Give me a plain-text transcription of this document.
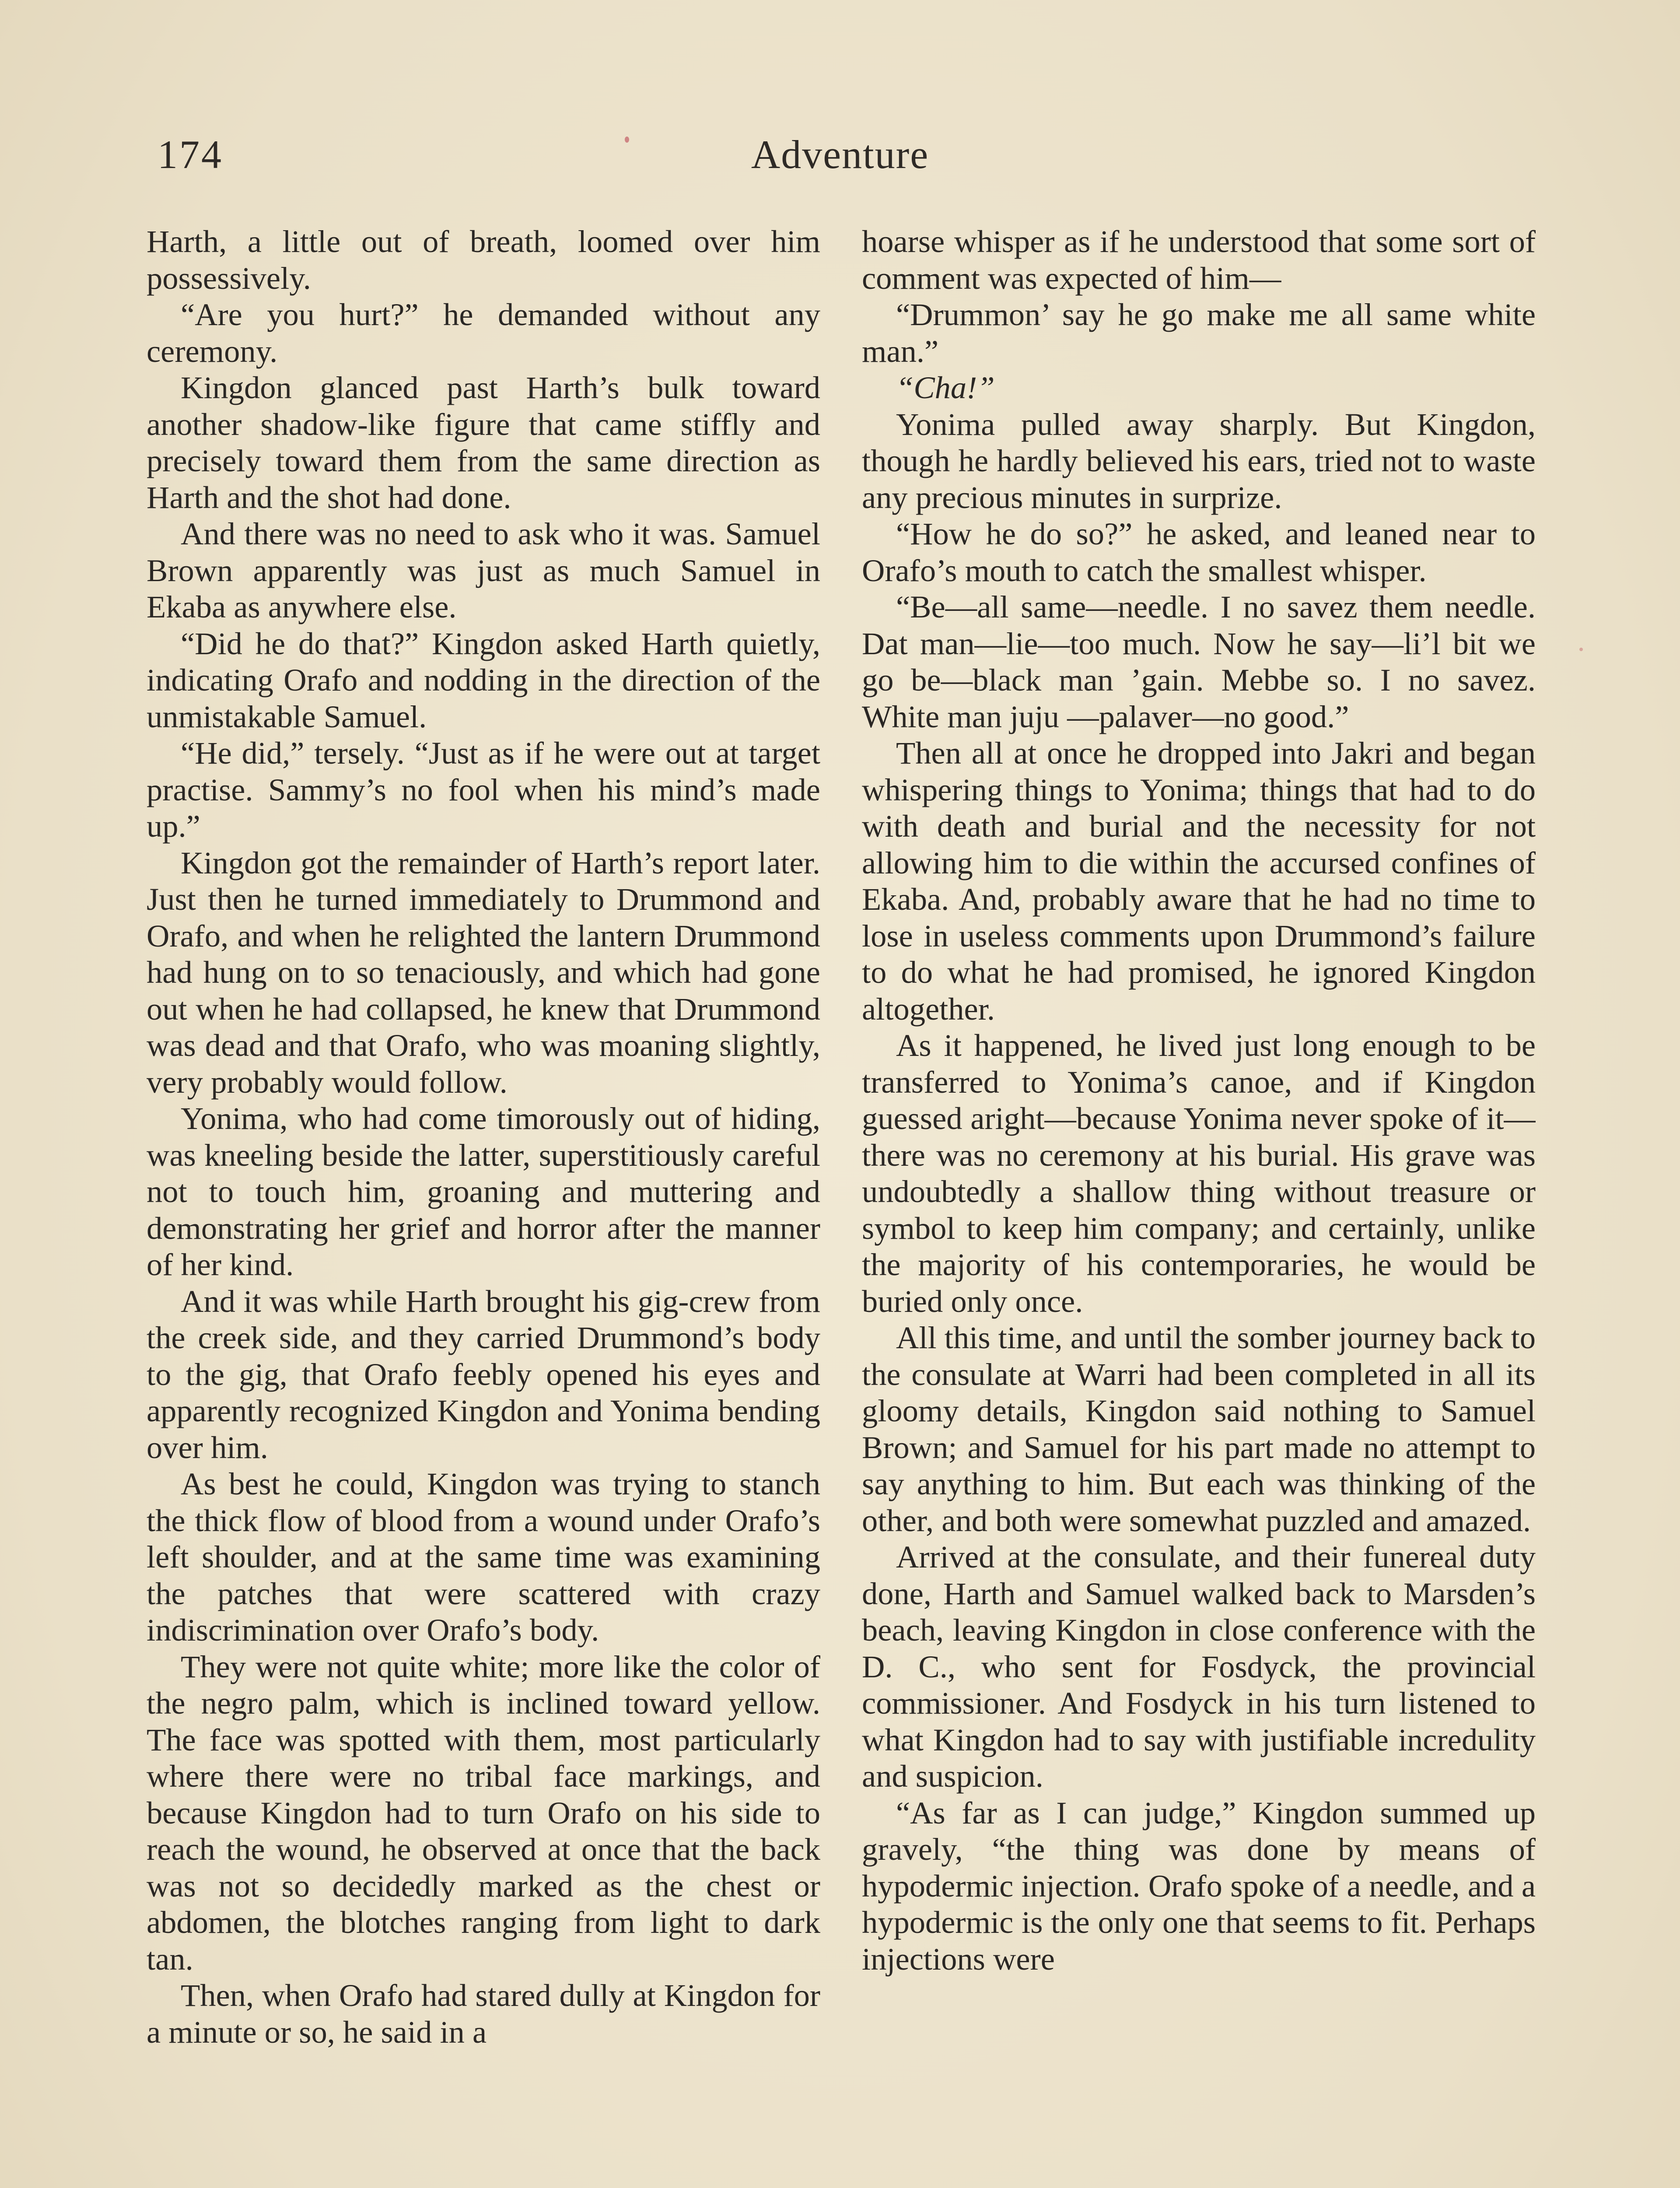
174	Adventure

Harth, a little out of breath, loomed over him possessively.

“Are you hurt?” he demanded without any ceremony.

Kingdon glanced past Harth’s bulk toward another shadow-like figure that came stiffly and precisely toward them from the same direction as Harth and the shot had done.

And there was no need to ask who it was. Samuel Brown apparently was just as much Samuel in Ekaba as anywhere else.

“Did he do that?” Kingdon asked Harth quietly, indicating Orafo and nodding in the direction of the unmistakable Samuel.

“He did,” tersely. “Just as if he were out at target practise. Sammy’s no fool when his mind’s made up.”

Kingdon got the remainder of Harth’s report later. Just then he turned immediately to Drummond and Orafo, and when he relighted the lantern Drummond had hung on to so tenaciously, and which had gone out when he had collapsed, he knew that Drummond was dead and that Orafo, who was moaning slightly, very probably would follow.

Yonima, who had come timorously out of hiding, was kneeling beside the latter, superstitiously careful not to touch him, groaning and muttering and demonstrating her grief and horror after the manner of her kind.

And it was while Harth brought his gig-crew from the creek side, and they carried Drummond’s body to the gig, that Orafo feebly opened his eyes and apparently recognized Kingdon and Yonima bending over him.

As best he could, Kingdon was trying to stanch the thick flow of blood from a wound under Orafo’s left shoulder, and at the same time was examining the patches that were scattered with crazy indiscrimination over Orafo’s body.

They were not quite white; more like the color of the negro palm, which is inclined toward yellow. The face was spotted with them, most particularly where there were no tribal face markings, and because Kingdon had to turn Orafo on his side to reach the wound, he observed at once that the back was not so decidedly marked as the chest or abdomen, the blotches ranging from light to dark tan.

Then, when Orafo had stared dully at Kingdon for a minute or so, he said in a

hoarse whisper as if he understood that some sort of comment was expected of him—

“Drummon’ say he go make me all same white man.”

“Cha!”

Yonima pulled away sharply. But Kingdon, though he hardly believed his ears, tried not to waste any precious minutes in surprize.

“How he do so?” he asked, and leaned near to Orafo’s mouth to catch the smallest whisper.

“Be—all same—needle. I no savez them needle. Dat man—lie—too much. Now he say—li’l bit we go be—black man ’gain. Mebbe so. I no savez. White man juju —palaver—no good.”

Then all at once he dropped into Jakri and began whispering things to Yonima; things that had to do with death and burial and the necessity for not allowing him to die within the accursed confines of Ekaba. And, probably aware that he had no time to lose in useless comments upon Drummond’s failure to do what he had promised, he ignored Kingdon altogether.

As it happened, he lived just long enough to be transferred to Yonima’s canoe, and if Kingdon guessed aright—because Yonima never spoke of it—there was no ceremony at his burial. His grave was undoubtedly a shallow thing without treasure or symbol to keep him company; and certainly, unlike the majority of his contemporaries, he would be buried only once.

All this time, and until the somber journey back to the consulate at Warri had been completed in all its gloomy details, Kingdon said nothing to Samuel Brown; and Samuel for his part made no attempt to say anything to him. But each was thinking of the other, and both were somewhat puzzled and amazed.

Arrived at the consulate, and their funereal duty done, Harth and Samuel walked back to Marsden’s beach, leaving Kingdon in close conference with the D. C., who sent for Fosdyck, the provincial commissioner. And Fosdyck in his turn listened to what Kingdon had to say with justifiable incredulity and suspicion.

“As far as I can judge,” Kingdon summed up gravely, “the thing was done by means of hypodermic injection. Orafo spoke of a needle, and a hypodermic is the only one that seems to fit. Perhaps injections were
